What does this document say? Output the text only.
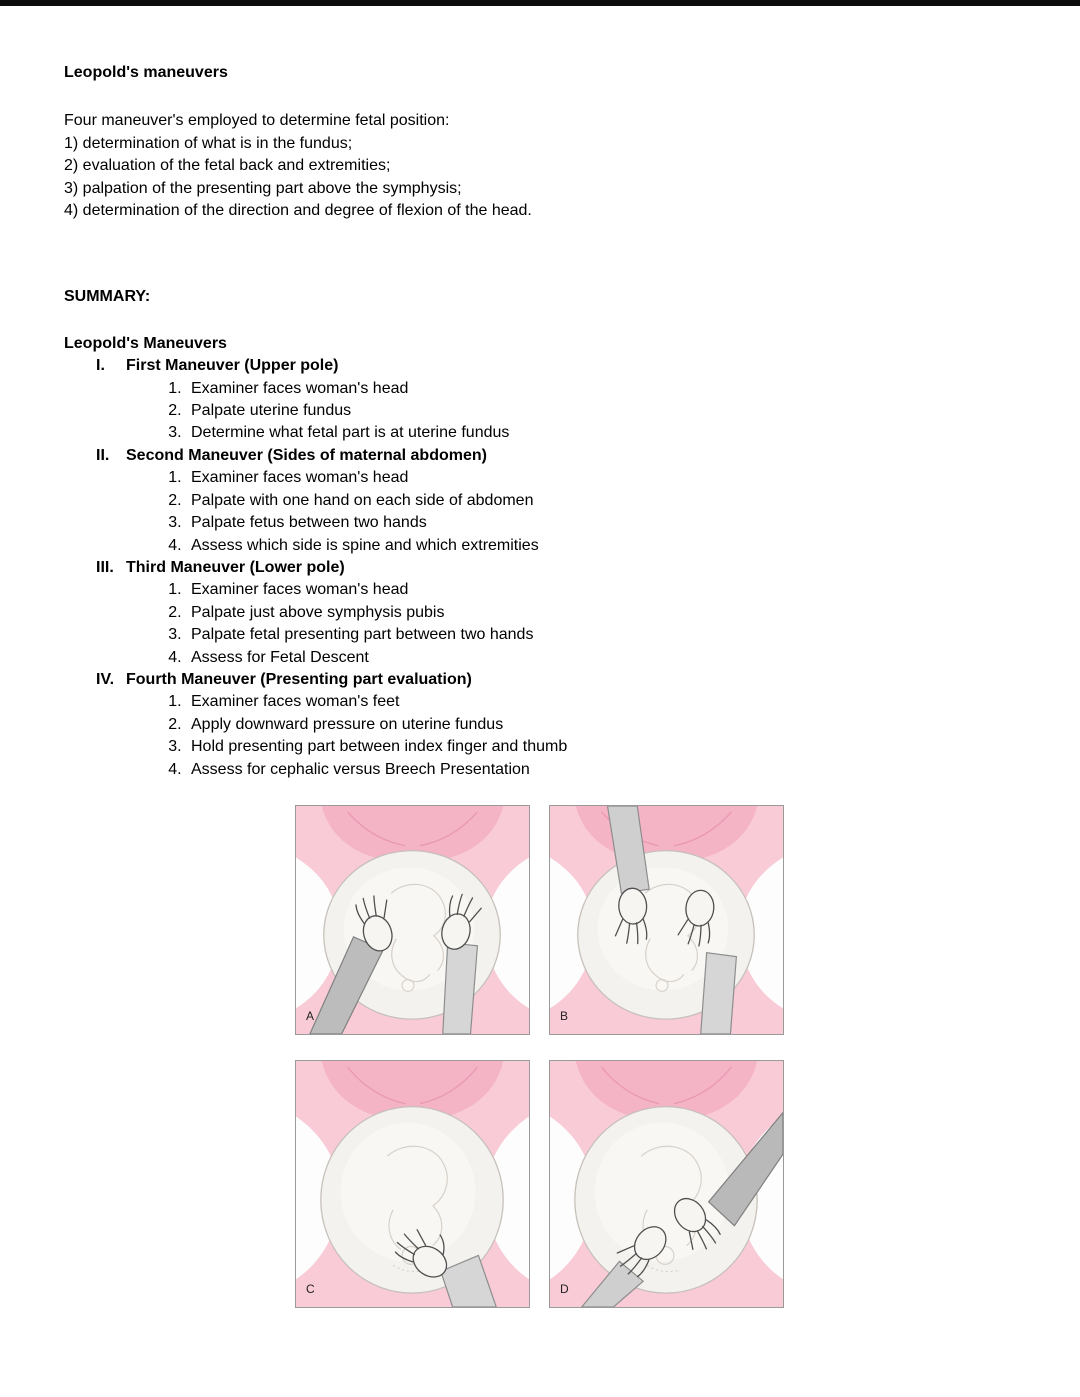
Leopold's maneuvers

Four maneuver's employed to determine fetal position:

1) determination of what is in the fundus;

2) evaluation of the fetal back and extremities;

3) palpation of the presenting part above the symphysis;

4) determination of the direction and degree of flexion of the head.

SUMMARY:
Leopold's Maneuvers
I.	First Maneuver (Upper pole)
1. Examiner faces woman's head
2. Palpate uterine fundus
3. Determine what fetal part is at uterine fundus
II.	Second Maneuver (Sides of maternal abdomen)
1. Examiner faces woman's head
2. Palpate with one hand on each side of abdomen
3. Palpate fetus between two hands
4. Assess which side is spine and which extremities
III. Third Maneuver (Lower pole)
1. Examiner faces woman's head
2. Palpate just above symphysis pubis
3. Palpate fetal presenting part between two hands
4. Assess for Fetal Descent
IV. Fourth Maneuver (Presenting part evaluation)
1. Examiner faces woman's feet
2. Apply downward pressure on uterine fundus
3. Hold presenting part between index finger and thumb
4. Assess for cephalic versus Breech Presentation
A	B
C	D
